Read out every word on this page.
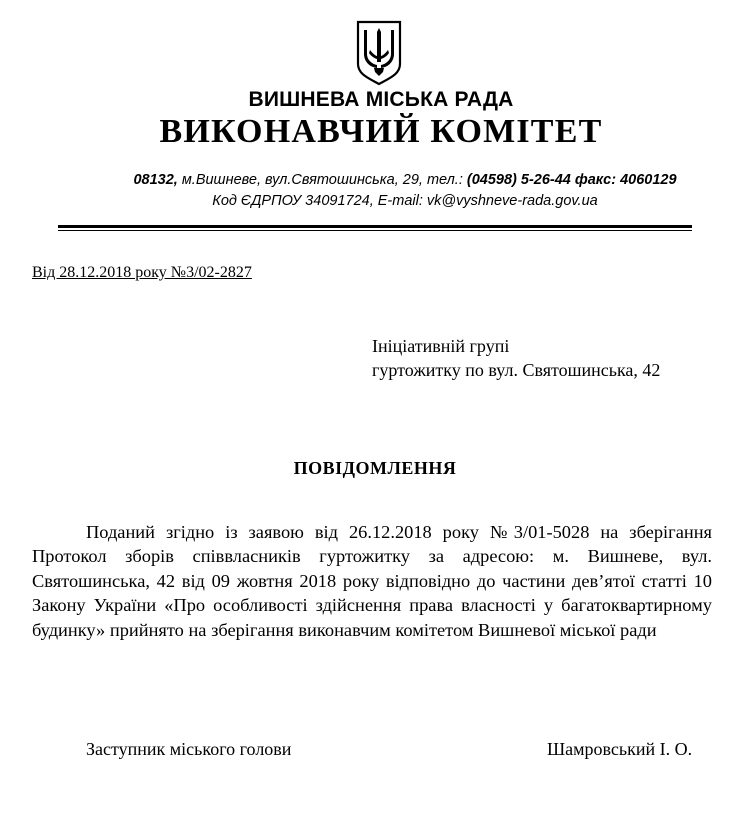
ВИШНЕВА МІСЬКА РАДА
ВИКОНАВЧИЙ КОМІТЕТ
08132, м.Вишневе, вул.Святошинська, 29, тел.: (04598) 5-26-44 факс: 4060129
Код ЄДРПОУ 34091724, E-mail: vk@vyshneve-rada.gov.ua
Від 28.12.2018 року №3/02-2827
Ініціативній групі
гуртожитку по вул. Святошинська, 42
ПОВІДОМЛЕННЯ

Поданий згідно із заявою від 26.12.2018 року №3/01-5028 на зберігання Протокол зборів співвласників гуртожитку за адресою: м. Вишневе, вул. Святошинська, 42 від 09 жовтня 2018 року відповідно до частини дев’ятої статті 10 Закону України «Про особливості здійснення права власності у багатоквартирному будинку» прийнято на зберігання виконавчим комітетом Вишневої міської ради

Заступник міського голови	Шамровський І. О.
